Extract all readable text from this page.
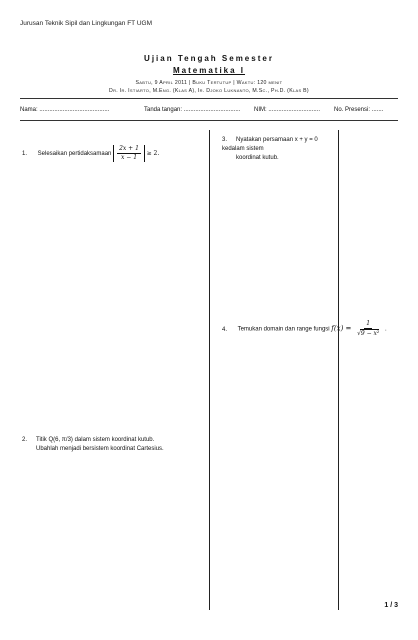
Jurusan Teknik Sipil dan Lingkungan FT UGM
Ujian Tengah Semester
Matematika I
Sabtu, 9 April 2011 | Buku Tertutup | Waktu: 120 menit
Dr. Ir. Istiarto, M.Eng. (Klas A), Ir. Djoko Luknanto, M.Sc., Ph.D. (Klas B)
Nama: ..........................................	Tanda tangan: .................................. NIM: ............................... No. Presensi: .......
1. Selesaikan pertidaksamaan $\frac{2x + 1}{x - 1} \ge 2$.
2. Titik Q(6, π/3) dalam sistem koordinat kutub.
Ubahlah menjadi bersistem koordinat Cartesius.
3. Nyatakan persamaan x + y = 0 kedalam sistem
koordinat kutub.
4. Temukan domain dan range fungsi $f(x) = \frac{1}{\text{√9 − x²}}$ .
1 / 3
